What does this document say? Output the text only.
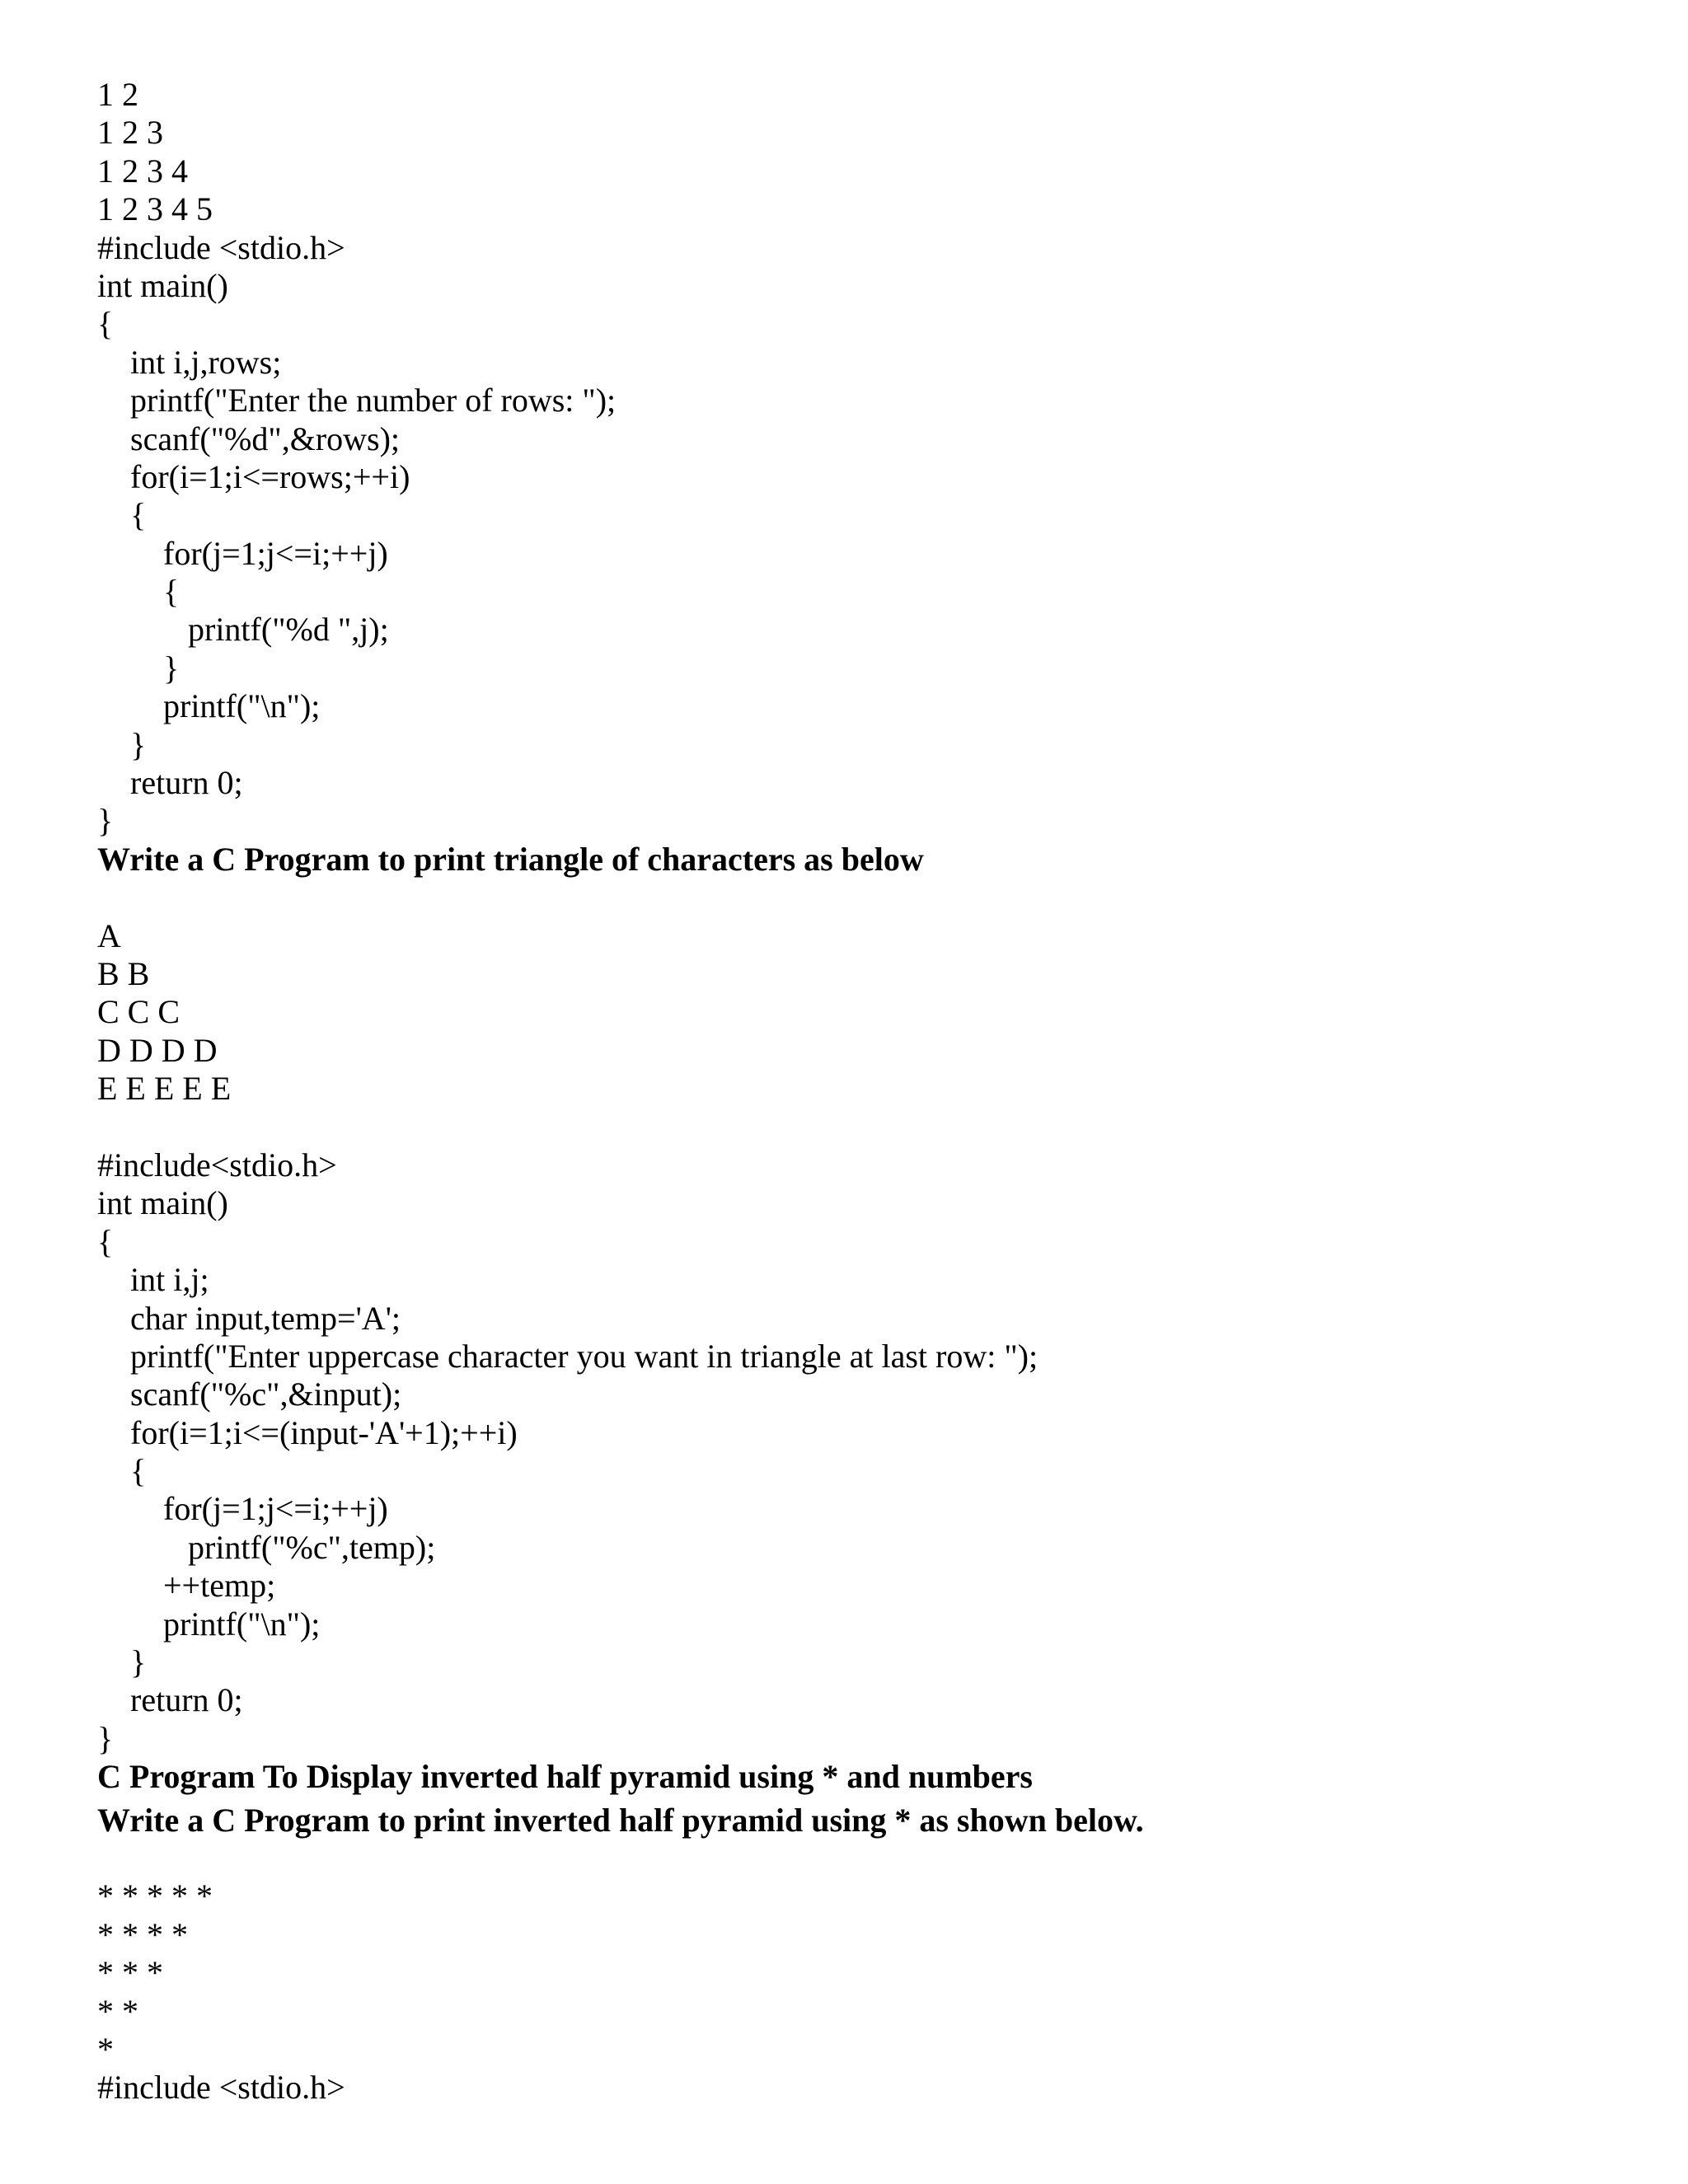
1 2
1 2 3
1 2 3 4
1 2 3 4 5
#include <stdio.h>
int main()
{
int i,j,rows;
printf("Enter the number of rows: ");
scanf("%d",&rows);
for(i=1;i<=rows;++i)
{
for(j=1;j<=i;++j)
{
printf("%d ",j);
}
printf("\n");
}
return 0;
}
Write a C Program to print triangle of characters as below
A
B B
C C C
D D D D
E E E E E
#include<stdio.h>
int main()
{
int i,j;
char input,temp='A';
printf("Enter uppercase character you want in triangle at last row: ");
scanf("%c",&input);
for(i=1;i<=(input-'A'+1);++i)
{
for(j=1;j<=i;++j)
printf("%c",temp);
++temp;
printf("\n");
}
return 0;
}
C Program To Display inverted half pyramid using * and numbers
Write a C Program to print inverted half pyramid using * as shown below.
* * * * *
* * * *
* * *
* *
*
#include <stdio.h>
